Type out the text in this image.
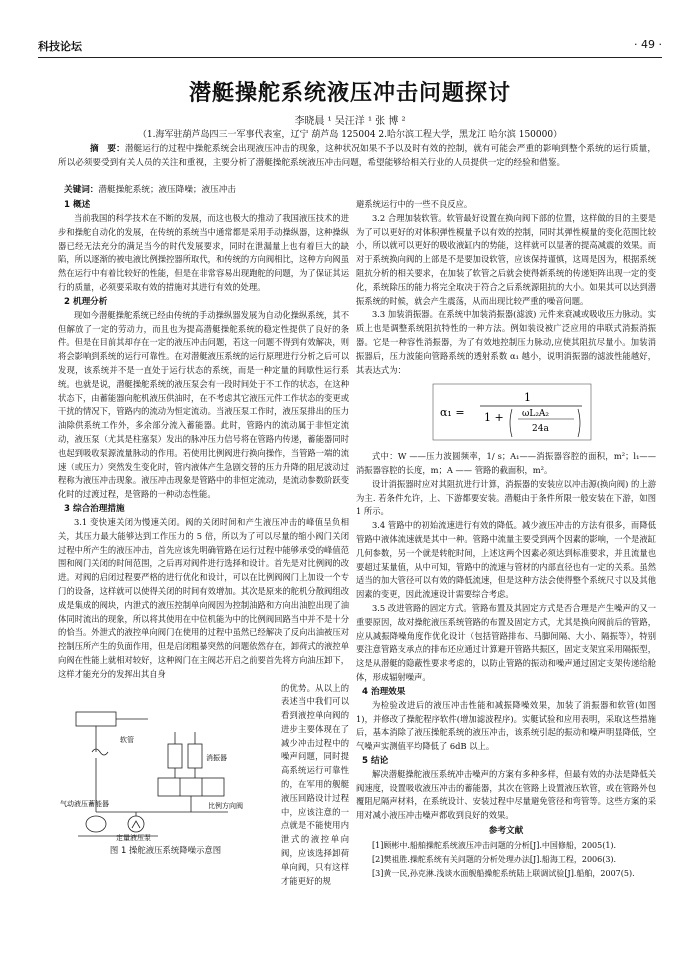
科技论坛	· 49 ·
潜艇操舵系统液压冲击问题探讨
李晓晨 ¹ 吴汪洋 ¹ 张 博 ²
（1.海军驻葫芦岛四三一军事代表室，辽宁 葫芦岛 125004 2.哈尔滨工程大学，黑龙江 哈尔滨 150000）
摘　要：潜艇运行的过程中操舵系统会出现液压冲击的现象，这种状况如果不予以及时有效的控制，就有可能会严重的影响到整个系统的运行质量，所以必须要受到有关人员的关注和重视，主要分析了潜艇操舵系统液压冲击问题，希望能够给相关行业的人员提供一定的经验和借鉴。
关键词：潜艇操舵系统；液压降噪；液压冲击
1 概述

当前我国的科学技术在不断的发展，而这也极大的推动了我国液压技术的进步和操舵自动化的发展，在传统的系统当中通常都是采用手动操纵器，这种操纵器已经无法充分的满足当今的时代发展要求，同时在泄漏量上也有着巨大的缺陷，所以逐渐的被电液比例操控器所取代，和传统的方向阀相比，这种方向阀虽然在运行中有着比较好的性能，但是在非常容易出现跑舵的问题，为了保证其运行的质量，必须要采取有效的措施对其进行有效的处理。

2 机理分析

现如今潜艇操舵系统已经由传统的手动操纵器发展为自动化操纵系统，其不但解放了一定的劳动力，而且也为提高潜艇操舵系统的稳定性提供了良好的条件。但是在目前其却存在一定的液压冲击问题，若这一问题不得到有效解决，则将会影响到系统的运行可靠性。在对潜艇液压系统的运行原理进行分析之后可以发现，该系统并不是一直处于运行状态的系统，而是一种定量的间歇性运行系统。也就是说，潜艇操舵系统的液压泵会有一段时间处于不工作的状态，在这种状态下，由蓄能器向舵机液压供油时，在不考虑其它液压元件工作状态的变更或干扰的情况下，管路内的流动为恒定流动。当液压泵工作时，液压泵排出的压力油除供系统工作外，多余部分流入蓄能器。此时，管路内的流动属于非恒定流动，液压泵（尤其是柱塞泵）发出的脉冲压力信号将在管路内传递，蓄能器同时也起到吸收泵源流量脉动的作用。若使用比例阀进行换向操作，当管路一端的流速（或压力）突然发生变化时，管内液体产生急剧交替的压力升降的阻尼波动过程称为液压冲击现象。液压冲击现象是管路中的非恒定流动，是流动参数阶跃变化时的过渡过程，是管路的一种动态性能。

3 综合治理措施

3.1 变快速关闭为慢速关闭。阀的关闭时间和产生液压冲击的峰值呈负相关，其压力最大能够达到工作压力的 5 倍，所以为了可以尽量的缩小阀门关闭过程中所产生的液压冲击，首先应该先明确管路在运行过程中能够承受的峰值范围和阀门关闭的时间范围，之后再对阀件进行选择和设计。首先是对比例阀的改进。对阀的启闭过程要严格的进行优化和设计，可以在比例阀阀门上加设一个专门的设备，这样就可以使得关闭的时间有效增加。其次是原来的舵机分散阀组改成是集成的阀块，内泄式的液压控制单向阀因为控制油路和方向出油腔出现了油体同时流出的现象，所以将其使用在中位机能为中的比例阀回路当中并不是十分的恰当。外泄式的液控单向阀门在使用的过程中虽然已经解决了反向出油被压对控制压所产生的负面作用，但是启闭粗暴突然的问题依然存在，卸荷式的液控单向阀在性能上就相对较好，这种阀门在主阀芯开启之前要首先将方向油压卸下，这样才能充分的发挥出其自身

软管
消振器
气动液压蓄能器
定量液压泵
比例方向阀

的优势。从以上的表述当中我们可以看到液控单向阀的进步主要体现在了减少冲击过程中的噪声问题，同时提高系统运行可靠性的，在军用的舰艇液压回路设计过程中，应该注意的一点就是不能使用内泄式的液控单向阀，应该选择卸荷单向阀，只有这样才能更好的规

图 1 操舵液压系统降噪示意图

避系统运行中的一些不良反应。

3.2 合理加装软管。软管最好设置在换向阀下部的位置，这样做的目的主要是为了可以更好的对体积弹性模量予以有效的控制，同时其弹性模量的变化范围比较小，所以就可以更好的吸收液缸内的势能，这样就可以显著的提高减震的效果。而对于系统换向阀的上部是不是要加设软管，应该保持谨慎，这周是因为，根据系统阻抗分析的相关要求，在加装了软管之后就会使得新系统的传递矩阵出现一定的变化，系统除压的能力将完全取决于符合之后系统源阻抗的大小。如果其可以达到潜振系统的时候，就会产生震荡，从而出现比较严重的噪音问题。

3.3 加装消振器。在系统中加装消振器(滤波) 元件来衰减或吸收压力脉动。实质上也是调整系统阻抗特性的一种方法。例如装设被广泛应用的串联式消振消振器。它是一种容性消振器，为了有效地控制压力脉动,应使其阻抗尽量小。加装消振器后，压力波能向管路系统的透射系数 α₁ 越小，说明消振器的滤波性能越好，其表达式为：

α₁ =
1
1 + ωL₂A₂
24a

式中：W ——压力波圆频率，1/ s；A₁——消振器容腔的面积，m²；l₁——消振器容腔的长度，m；A —— 管路的截面积，m²。

设计消振器时应对其阻抗进行计算，消振器的安装应以冲击源(换向阀) 的上游为主. 若条件允许，上、下游都要安装。潜艇由于条件所限一般安装在下游，如图 1 所示。

3.4 管路中的初始流速进行有效的降低。减少液压冲击的方法有很多，而降低管路中液体流速就是其中一种。管路中流量主要受到两个因素的影响，一个是液缸几何参数，另一个就是转舵时间，上述这两个因素必须达到标准要求，并且流量也要超过某量值，从中可知，管路中的流速与管材的内部直径也有一定的关系。虽然适当的加大管径可以有效的降低流速，但是这种方法会使得整个系统尺寸以及其他因素的变更，因此流速设计需要综合考虑。

3.5 改进管路的固定方式。管路布置及其固定方式是否合理是产生噪声的又一重要原因，故对操舵液压系统管路的布置及固定方式，尤其是换向阀前后的管路，应从减振降噪角度作优化设计（包括管路排布、马脚间隔、大小、隔振等），特别要注意管路支承点的排布还应通过计算避开管路共振区，固定支架宜采用隔振型，这是从潜艇的隐蔽性要求考虑的，以防止管路的振动和噪声通过固定支架传递给舱体，形成辐射噪声。

4 治理效果

为检验改进后的液压冲击性能和减振降噪效果，加装了消振器和软管(如图 1)，并修改了操舵程序软件(增加滤波程序)。实艇试验和应用表明，采取这些措施后，基本消除了液压操舵系统的液压冲击，该系统引起的振动和噪声明显降低，空气噪声实测值平均降低了 6dB 以上。

5 结论

解决潜艇操舵液压系统冲击噪声的方案有多种多样，但最有效的办法是降低关阀速度，设置吸收液压冲击的蓄能器，其次在管路上设置液压软管，或在管路外包覆阻尼隔声材料，在系统设计、安装过程中尽量避免管径和弯管等。这些方案的采用对减小液压冲击噪声都收到良好的效果。

参考文献

[1]顾彬中.船舶操舵系统液压冲击问题的分析[J].中国修船，2005(1).

[2]樊祖胜.操舵系统有关问题的分析处理办法[J].船海工程，2006(3).

[3]黄一民,孙克淋.浅谈水面舰船操舵系统陆上联调试验[J].船舶，2007(5).
